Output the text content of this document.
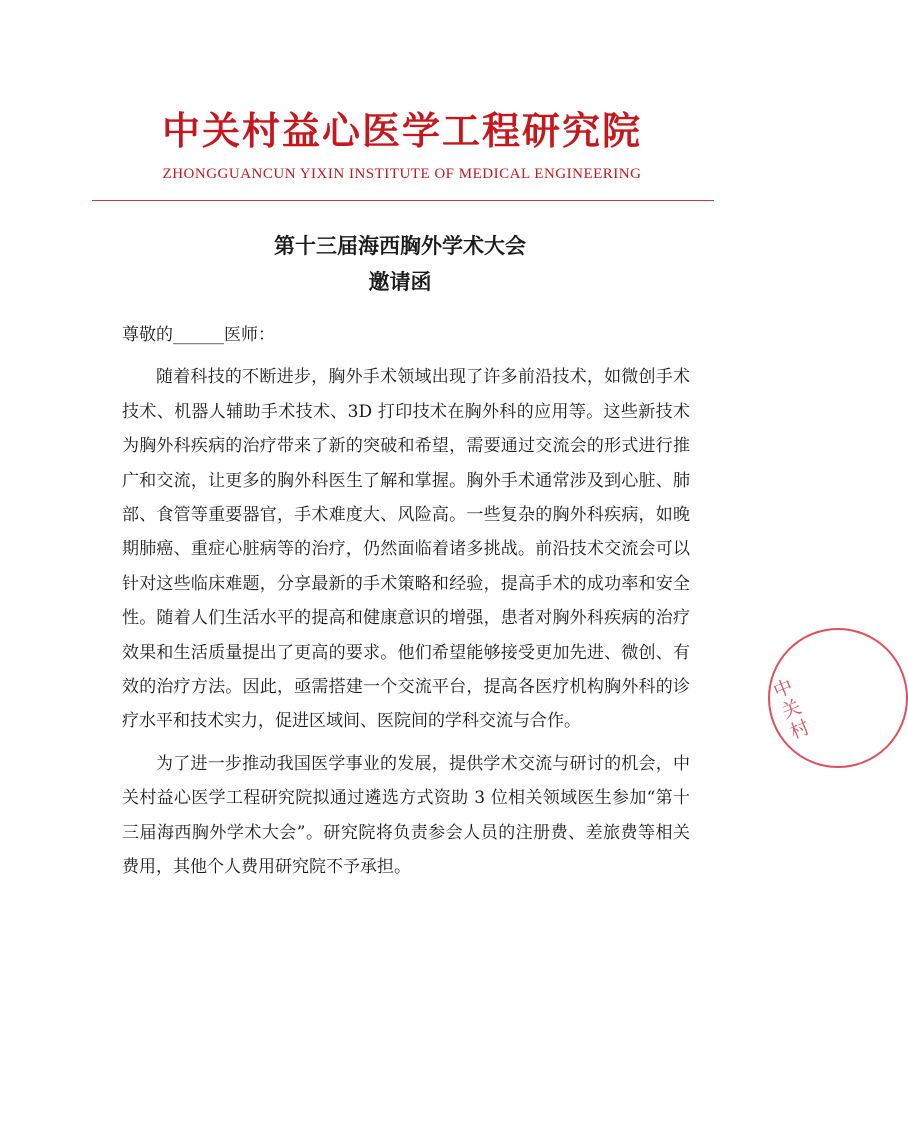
中关村益心医学工程研究院
ZHONGGUANCUN YIXIN INSTITUTE OF MEDICAL ENGINEERING
第十三届海西胸外学术大会
邀请函

尊敬的______医师：

随着科技的不断进步，胸外手术领域出现了许多前沿技术，如微创手术技术、机器人辅助手术技术、3D 打印技术在胸外科的应用等。这些新技术为胸外科疾病的治疗带来了新的突破和希望，需要通过交流会的形式进行推广和交流，让更多的胸外科医生了解和掌握。胸外手术通常涉及到心脏、肺部、食管等重要器官，手术难度大、风险高。一些复杂的胸外科疾病，如晚期肺癌、重症心脏病等的治疗，仍然面临着诸多挑战。前沿技术交流会可以针对这些临床难题，分享最新的手术策略和经验，提高手术的成功率和安全性。随着人们生活水平的提高和健康意识的增强，患者对胸外科疾病的治疗效果和生活质量提出了更高的要求。他们希望能够接受更加先进、微创、有效的治疗方法。因此，亟需搭建一个交流平台，提高各医疗机构胸外科的诊疗水平和技术实力，促进区域间、医院间的学科交流与合作。

为了进一步推动我国医学事业的发展，提供学术交流与研讨的机会，中关村益心医学工程研究院拟通过遴选方式资助 3 位相关领域医生参加“第十三届海西胸外学术大会”。研究院将负责参会人员的注册费、差旅费等相关费用，其他个人费用研究院不予承担。

中关村
